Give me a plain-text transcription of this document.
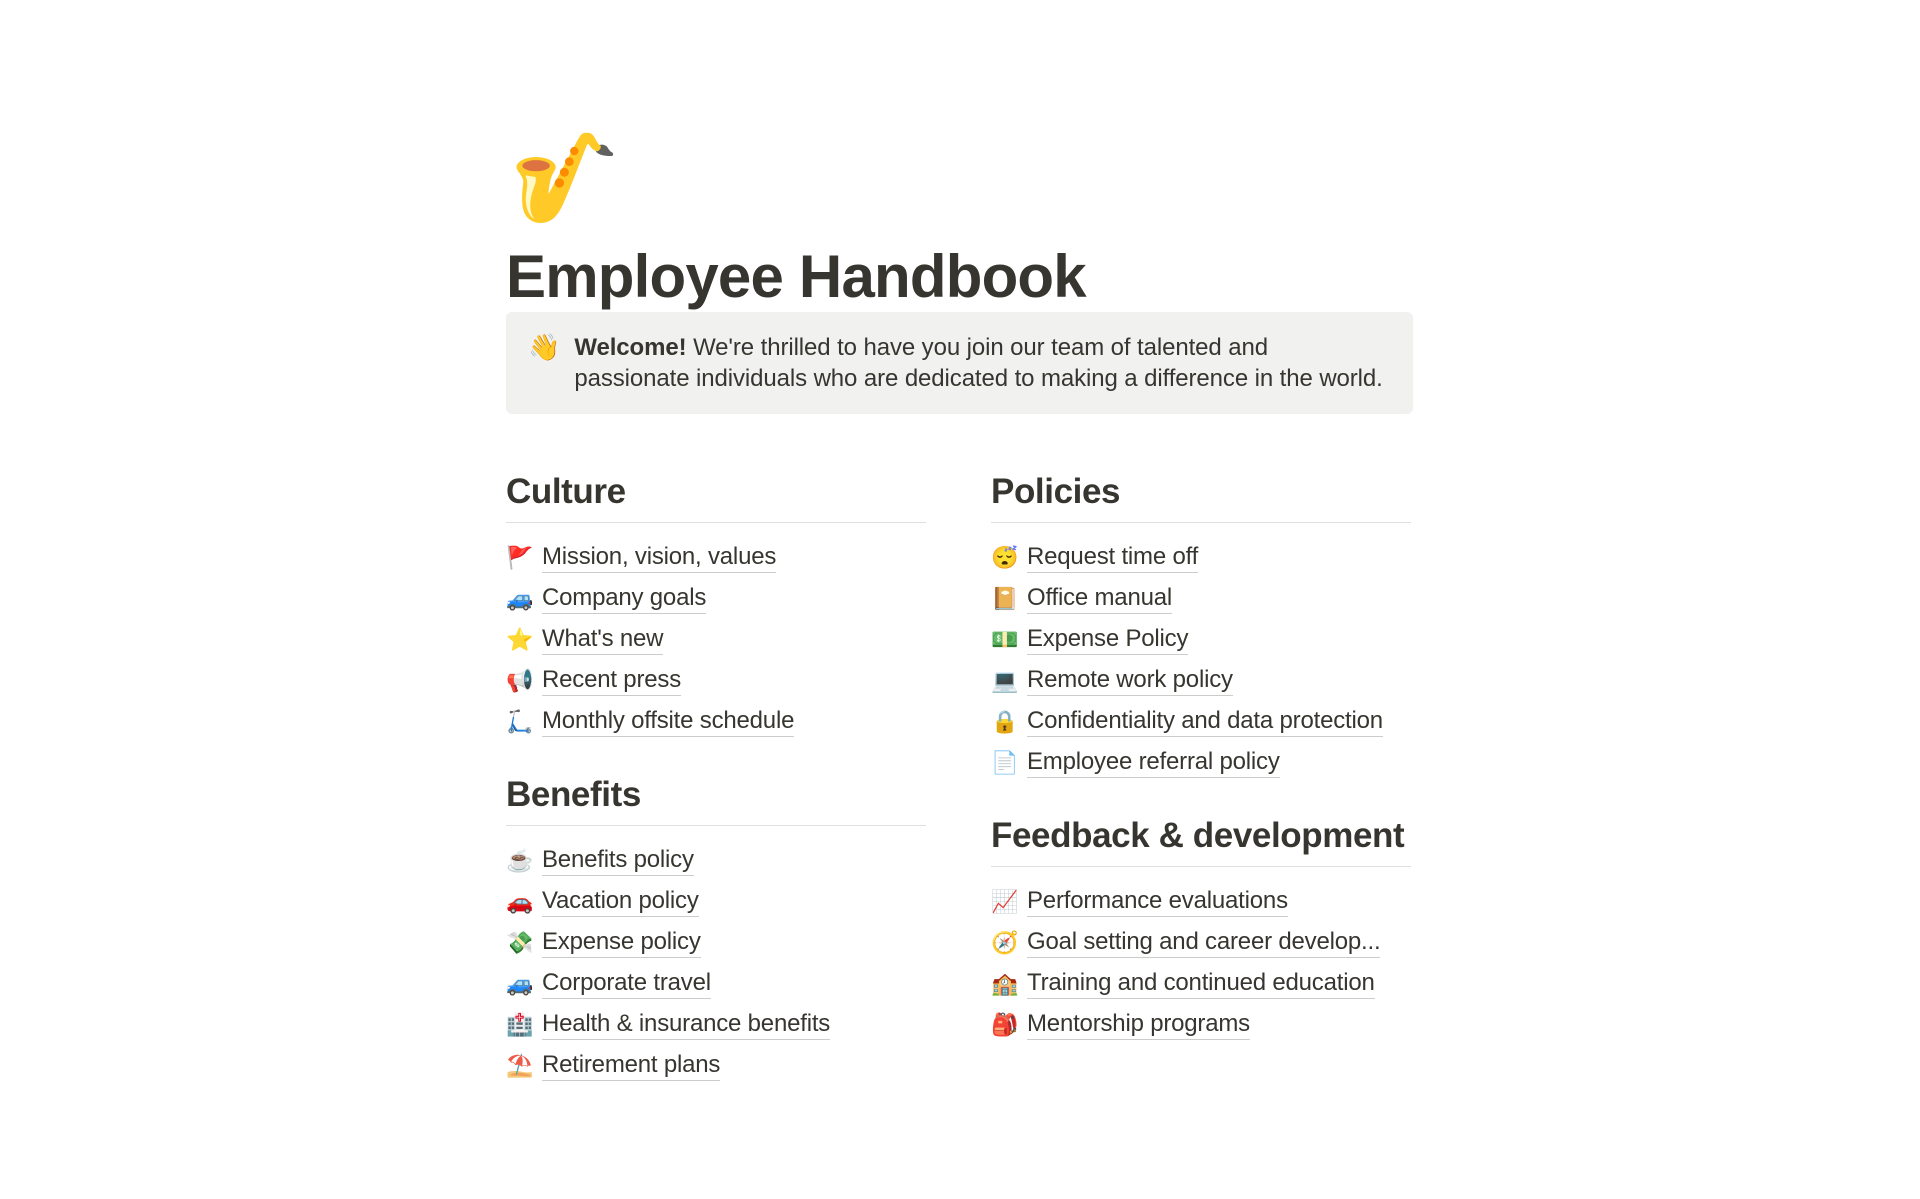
🎷
Employee Handbook
👋 Welcome! We're thrilled to have you join our team of talented and passionate individuals who are dedicated to making a difference in the world.
Culture
🚩 Mission, vision, values
🚙 Company goals
⭐ What's new
📢 Recent press
🛴 Monthly offsite schedule
Benefits
☕ Benefits policy
🚗 Vacation policy
💸 Expense policy
🚙 Corporate travel
🏥 Health & insurance benefits
⛱️ Retirement plans
Policies
😴 Request time off
📔 Office manual
💵 Expense Policy
💻 Remote work policy
🔒 Confidentiality and data protection
📄 Employee referral policy
Feedback & development
📈 Performance evaluations
🧭 Goal setting and career develop...
🏫 Training and continued education
🎒 Mentorship programs
